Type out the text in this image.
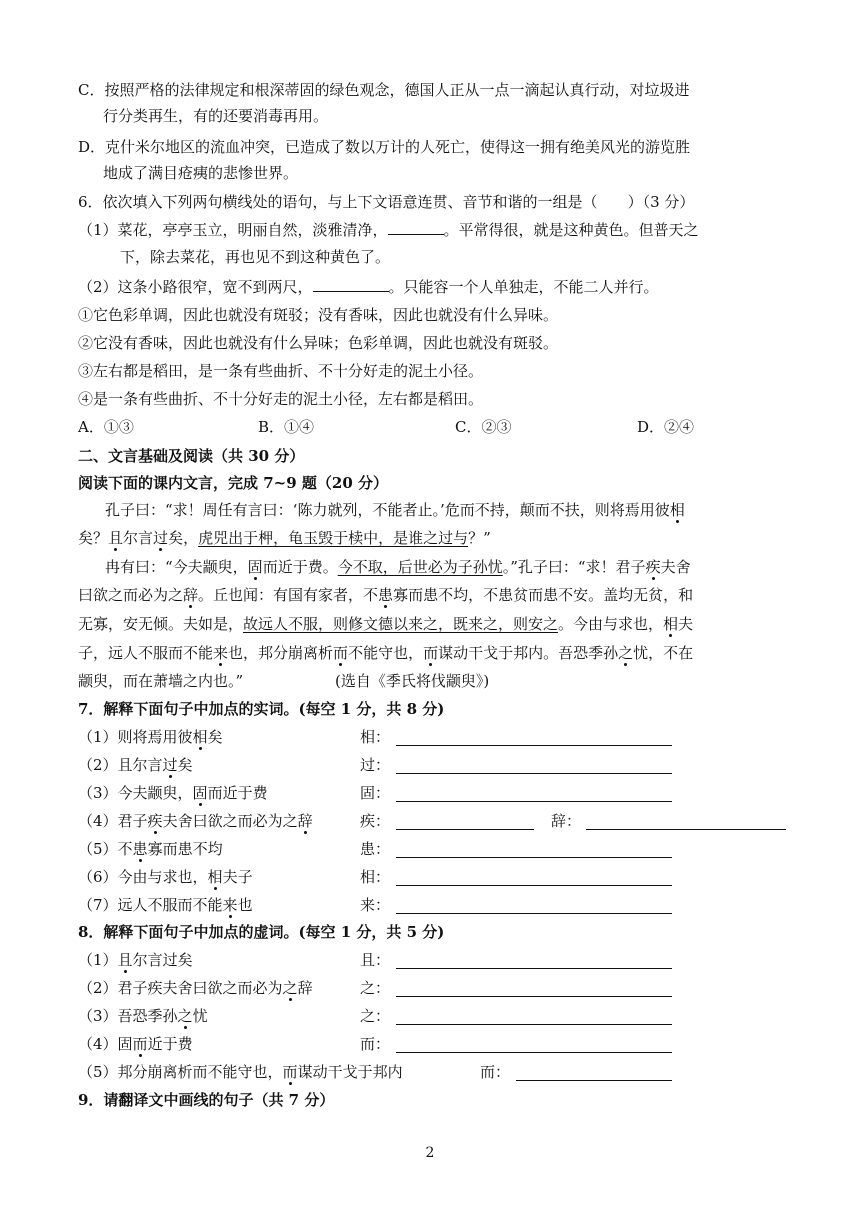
C．按照严格的法律规定和根深蒂固的绿色观念，德国人正从一点一滴起认真行动，对垃圾进
行分类再生，有的还要消毒再用。
D．克什米尔地区的流血冲突，已造成了数以万计的人死亡，使得这一拥有绝美风光的游览胜
地成了满目疮痍的悲惨世界。
6．依次填入下列两句横线处的语句，与上下文语意连贯、音节和谐的一组是（ ）（3 分）
（1）菜花，亭亭玉立，明丽自然，淡雅清净，	。平常得很，就是这种黄色。但普天之
下，除去菜花，再也见不到这种黄色了。
（2）这条小路很窄，宽不到两尺，	。只能容一个人单独走，不能二人并行。
①它色彩单调，因此也就没有斑驳；没有香味，因此也就没有什么异味。
②它没有香味，因此也就没有什么异味；色彩单调，因此也就没有斑驳。
③左右都是稻田，是一条有些曲折、不十分好走的泥土小径。
④是一条有些曲折、不十分好走的泥土小径，左右都是稻田。
A．①③	B．①④	C．②③	D．②④
二、文言基础及阅读（共 30 分）
阅读下面的课内文言，完成 7~9 题（20 分）
孔子曰：“求！周任有言曰：‘陈力就列，不能者止。’危而不持，颠而不扶，则将焉用彼相
矣？且尔言过矣，虎兕出于柙，龟玉毁于椟中，是谁之过与？”
冉有曰：“今夫颛臾，固而近于费。今不取，后世必为子孙忧。”孔子曰：“求！君子疾夫舍
曰欲之而必为之辞。丘也闻：有国有家者，不患寡而患不均，不患贫而患不安。盖均无贫，和
无寡，安无倾。夫如是，故远人不服，则修文德以来之，既来之，则安之。今由与求也，相夫
子，远人不服而不能来也，邦分崩离析而不能守也，而谋动干戈于邦内。吾恐季孙之忧，不在
颛臾，而在萧墙之内也。”	(选自《季氏将伐颛臾》)
7．解释下面句子中加点的实词。(每空 1 分，共 8 分)
（1）则将焉用彼相矣	相：
（2）且尔言过矣	过：
（3）今夫颛臾，固而近于费	固：
（4）君子疾夫舍曰欲之而必为之辞	疾：	辞：
（5）不患寡而患不均	患：
（6）今由与求也，相夫子	相：
（7）远人不服而不能来也	来：
8．解释下面句子中加点的虚词。(每空 1 分，共 5 分)
（1）且尔言过矣	且：
（2）君子疾夫舍曰欲之而必为之辞	之：
（3）吾恐季孙之忧	之：
（4）固而近于费	而：
（5）邦分崩离析而不能守也，而谋动干戈于邦内	而：
9．请翻译文中画线的句子（共 7 分）
2
